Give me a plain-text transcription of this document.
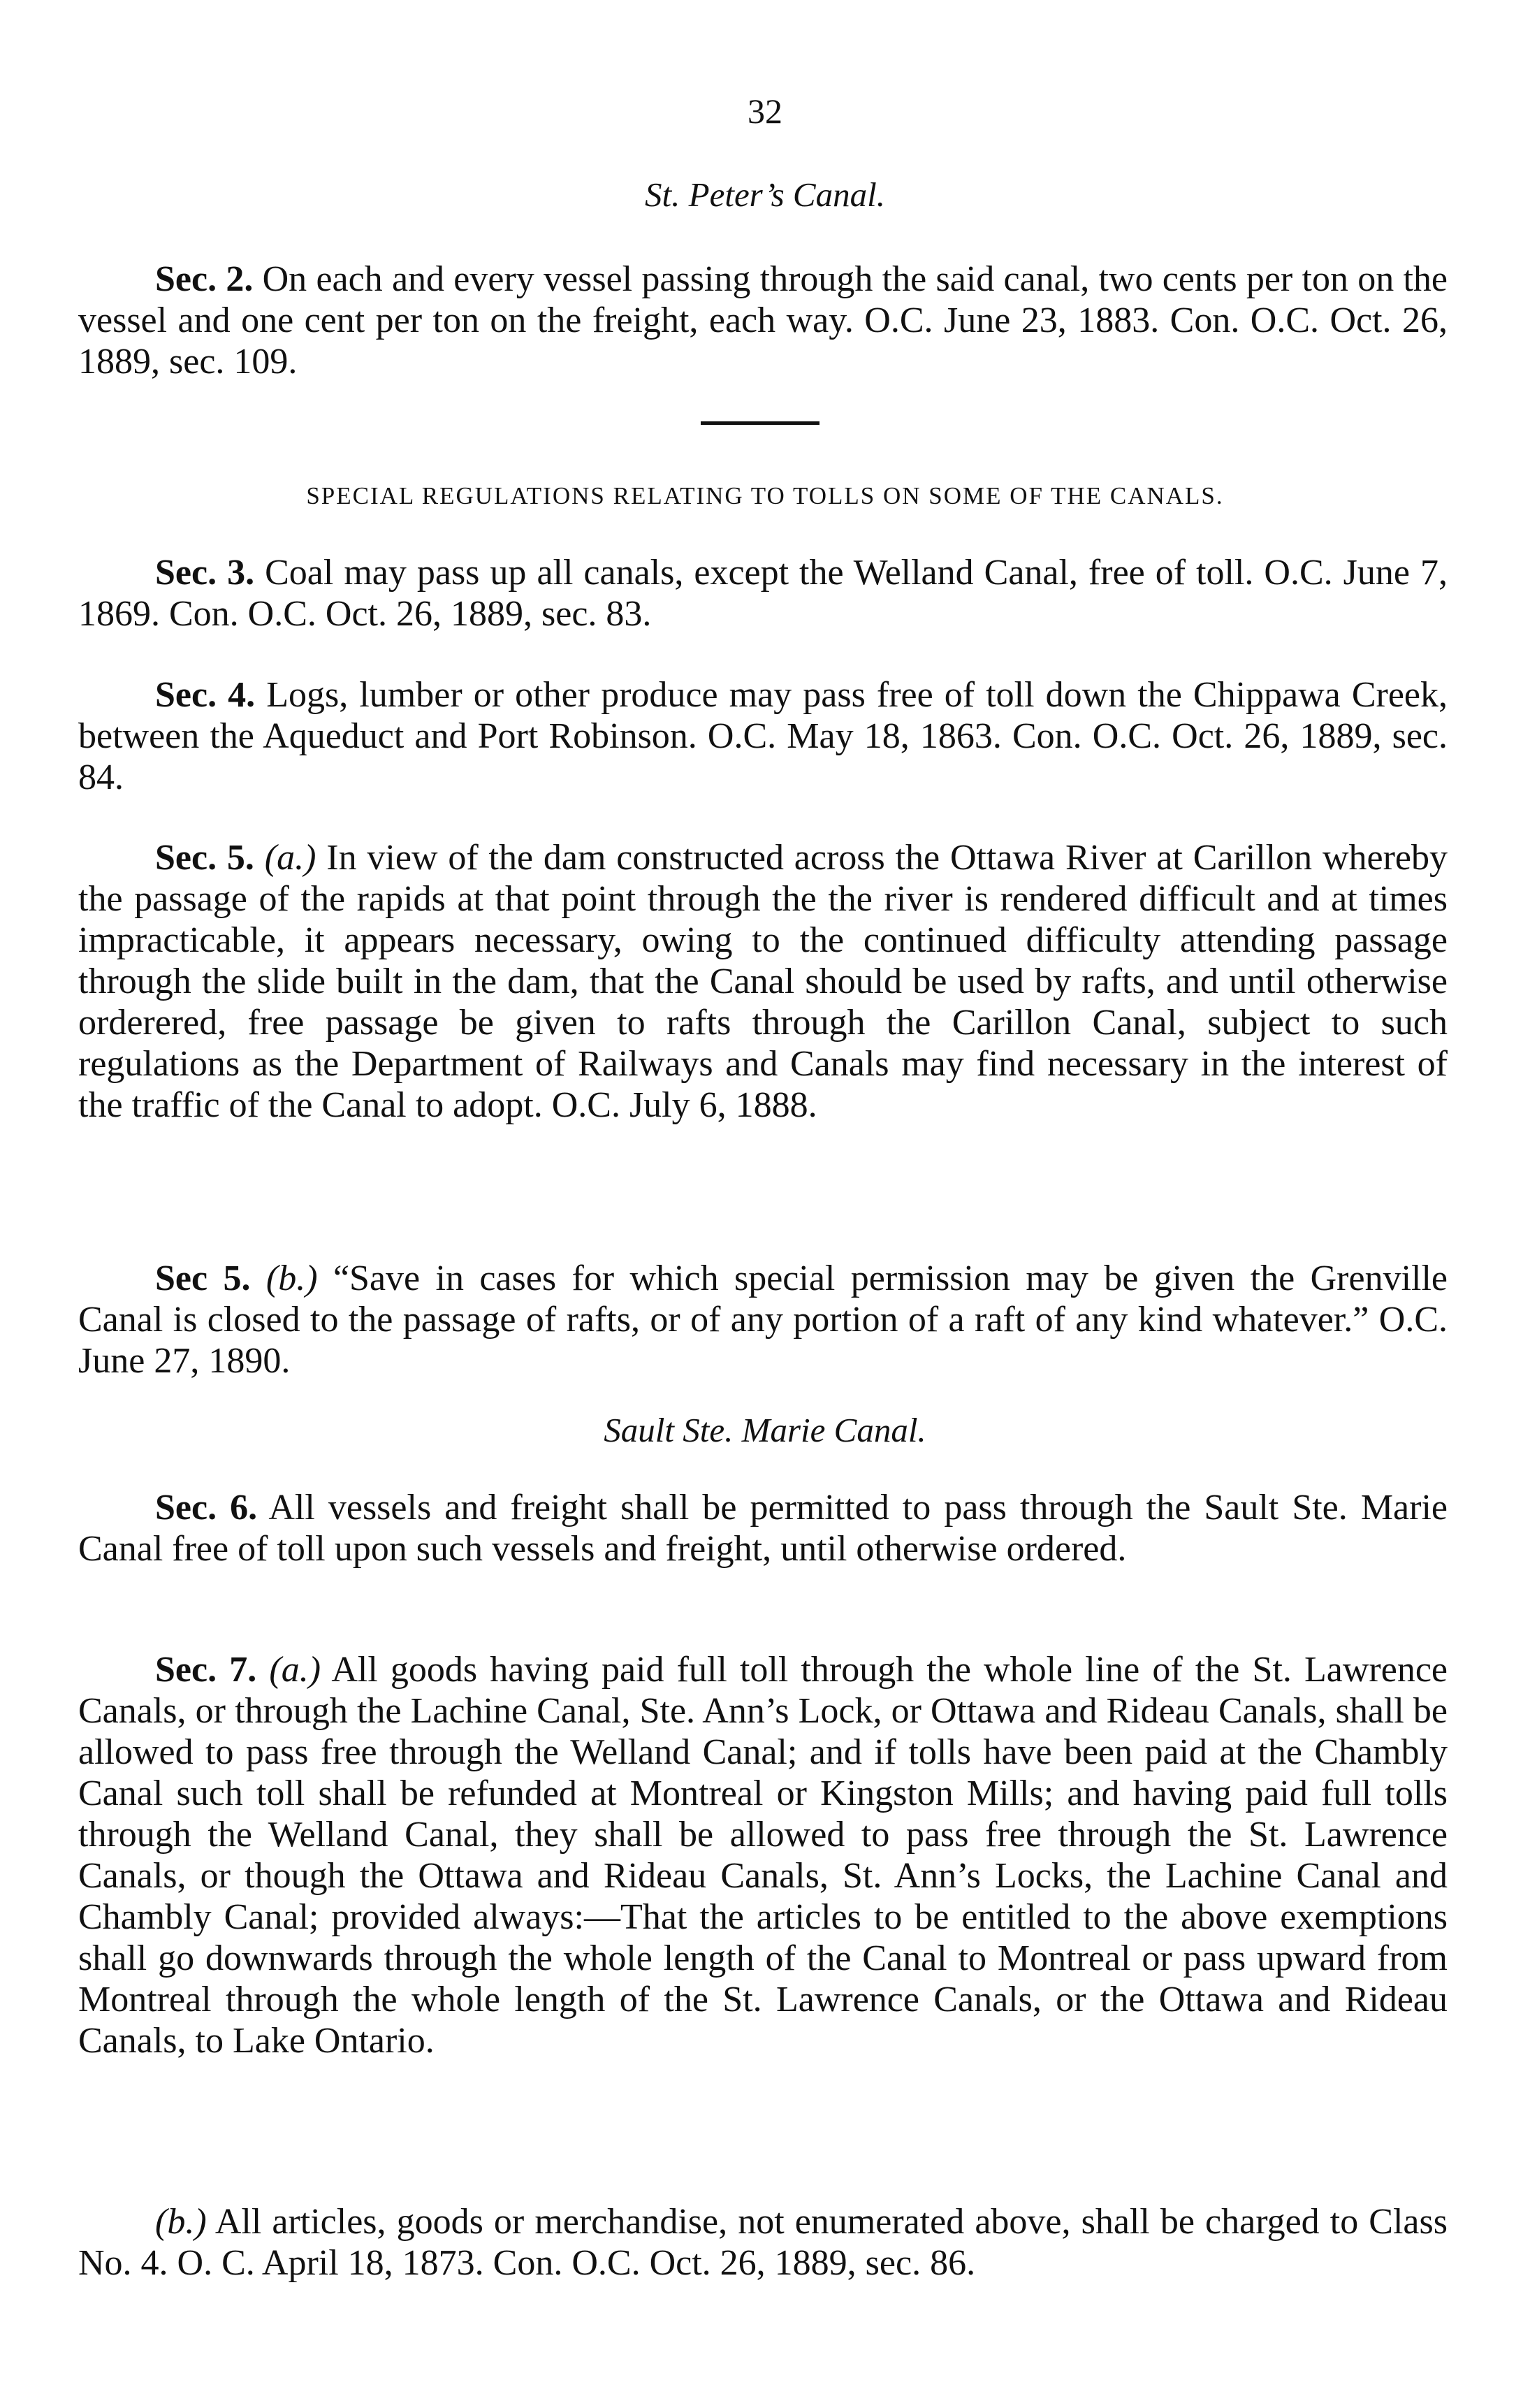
32
St. Peter’s Canal.

Sec. 2. On each and every vessel passing through the said canal, two cents per ton on the vessel and one cent per ton on the freight, each way. O.C. June 23, 1883. Con. O.C. Oct. 26, 1889, sec. 109.

SPECIAL REGULATIONS RELATING TO TOLLS ON SOME OF THE CANALS.

Sec. 3. Coal may pass up all canals, except the Welland Canal, free of toll. O.C. June 7, 1869. Con. O.C. Oct. 26, 1889, sec. 83.

Sec. 4. Logs, lumber or other produce may pass free of toll down the Chippawa Creek, between the Aqueduct and Port Robinson. O.C. May 18, 1863. Con. O.C. Oct. 26, 1889, sec. 84.

Sec. 5. (a.) In view of the dam constructed across the Ottawa River at Carillon whereby the passage of the rapids at that point through the the river is rendered difficult and at times impracticable, it appears necessary, owing to the continued difficulty attending passage through the slide built in the dam, that the Canal should be used by rafts, and until otherwise orderered, free passage be given to rafts through the Carillon Canal, subject to such regulations as the Department of Railways and Canals may find necessary in the interest of the traffic of the Canal to adopt. O.C. July 6, 1888.

Sec 5. (b.) “Save in cases for which special permission may be given the Grenville Canal is closed to the passage of rafts, or of any portion of a raft of any kind whatever.” O.C. June 27, 1890.

Sault Ste. Marie Canal.

Sec. 6. All vessels and freight shall be permitted to pass through the Sault Ste. Marie Canal free of toll upon such vessels and freight, until otherwise ordered.

Sec. 7. (a.) All goods having paid full toll through the whole line of the St. Lawrence Canals, or through the Lachine Canal, Ste. Ann’s Lock, or Ottawa and Rideau Canals, shall be allowed to pass free through the Welland Canal; and if tolls have been paid at the Chambly Canal such toll shall be refunded at Montreal or Kingston Mills; and having paid full tolls through the Welland Canal, they shall be allowed to pass free through the St. Lawrence Canals, or though the Ottawa and Rideau Canals, St. Ann’s Locks, the Lachine Canal and Chambly Canal; provided always:—That the articles to be entitled to the above exemptions shall go downwards through the whole length of the Canal to Montreal or pass upward from Montreal through the whole length of the St. Lawrence Canals, or the Ottawa and Rideau Canals, to Lake Ontario.

(b.) All articles, goods or merchandise, not enumerated above, shall be charged to Class No. 4. O. C. April 18, 1873. Con. O.C. Oct. 26, 1889, sec. 86.
